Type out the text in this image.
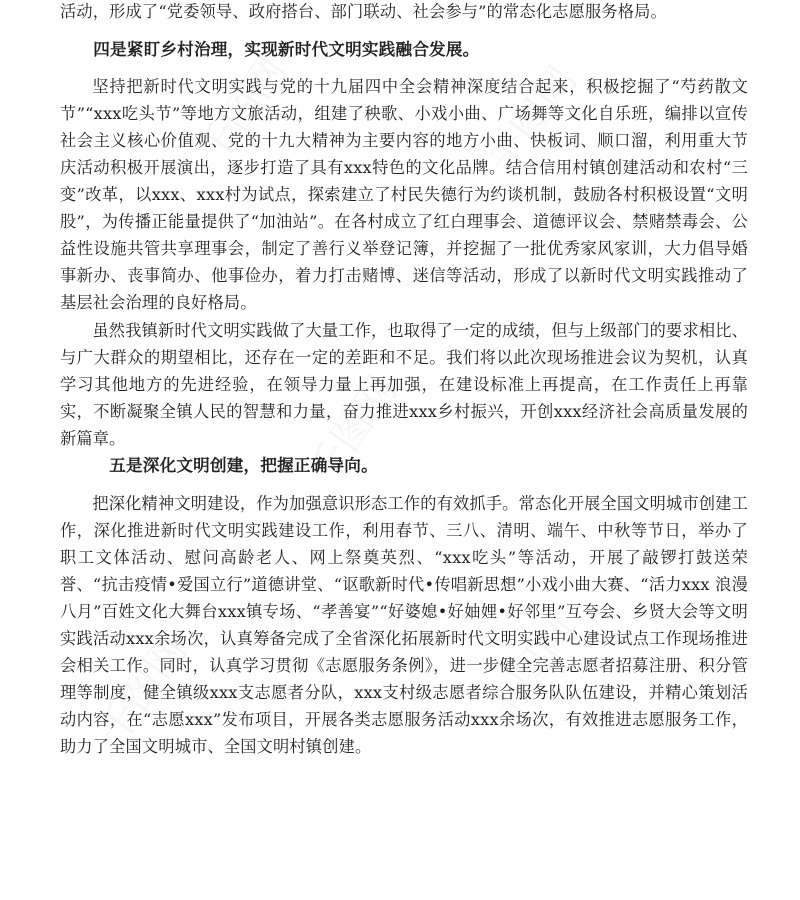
千图网	千图网
千图网
千图网
千图网

活动，形成了“党委领导、政府搭台、部门联动、社会参与”的常态化志愿服务格局。

四是紧盯乡村治理，实现新时代文明实践融合发展。

坚持把新时代文明实践与党的十九届四中全会精神深度结合起来，积极挖掘了“芍药散文节”“xxx吃头节”等地方文旅活动，组建了秧歌、小戏小曲、广场舞等文化自乐班，编排以宣传社会主义核心价值观、党的十九大精神为主要内容的地方小曲、快板词、顺口溜，利用重大节庆活动积极开展演出，逐步打造了具有xxx特色的文化品牌。结合信用村镇创建活动和农村“三变”改革，以xxx、xxx村为试点，探索建立了村民失德行为约谈机制，鼓励各村积极设置“文明股”，为传播正能量提供了“加油站”。在各村成立了红白理事会、道德评议会、禁赌禁毒会、公益性设施共管共享理事会，制定了善行义举登记簿，并挖掘了一批优秀家风家训，大力倡导婚事新办、丧事简办、他事俭办，着力打击赌博、迷信等活动，形成了以新时代文明实践推动了基层社会治理的良好格局。

虽然我镇新时代文明实践做了大量工作，也取得了一定的成绩，但与上级部门的要求相比、与广大群众的期望相比，还存在一定的差距和不足。我们将以此次现场推进会议为契机，认真学习其他地方的先进经验，在领导力量上再加强，在建设标准上再提高，在工作责任上再靠实，不断凝聚全镇人民的智慧和力量，奋力推进xxx乡村振兴，开创xxx经济社会高质量发展的新篇章。

五是深化文明创建，把握正确导向。

把深化精神文明建设，作为加强意识形态工作的有效抓手。常态化开展全国文明城市创建工作，深化推进新时代文明实践建设工作，利用春节、三八、清明、端午、中秋等节日，举办了职工文体活动、慰问高龄老人、网上祭奠英烈、“xxx吃头”等活动，开展了敲锣打鼓送荣誉、“抗击疫情•爱国立行”道德讲堂、“讴歌新时代•传唱新思想”小戏小曲大赛、“活力xxx 浪漫八月”百姓文化大舞台xxx镇专场、“孝善宴”“好婆媳•好妯娌•好邻里”互夸会、乡贤大会等文明实践活动xxx余场次，认真筹备完成了全省深化拓展新时代文明实践中心建设试点工作现场推进会相关工作。同时，认真学习贯彻《志愿服务条例》，进一步健全完善志愿者招募注册、积分管理等制度，健全镇级xxx支志愿者分队，xxx支村级志愿者综合服务队队伍建设，并精心策划活动内容，在“志愿xxx”发布项目，开展各类志愿服务活动xxx余场次，有效推进志愿服务工作，助力了全国文明城市、全国文明村镇创建。
